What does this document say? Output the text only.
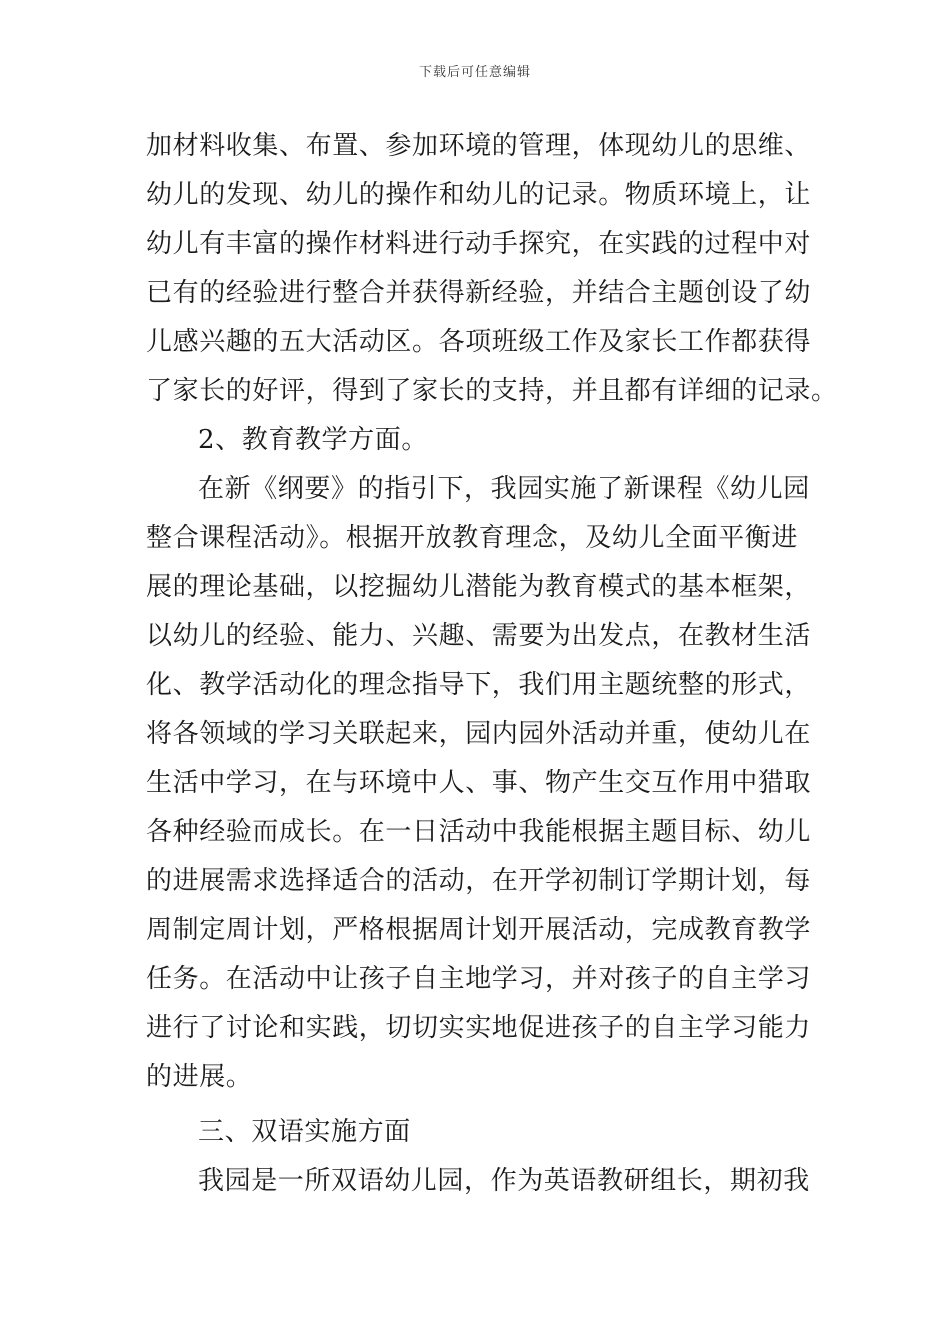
下载后可任意编辑
加材料收集、布置、参加环境的管理，体现幼儿的思维、
幼儿的发现、幼儿的操作和幼儿的记录。物质环境上，让
幼儿有丰富的操作材料进行动手探究，在实践的过程中对
已有的经验进行整合并获得新经验，并结合主题创设了幼
儿感兴趣的五大活动区。各项班级工作及家长工作都获得
了家长的好评，得到了家长的支持，并且都有详细的记录。
2、教育教学方面。
在新《纲要》的指引下，我园实施了新课程《幼儿园
整合课程活动》。根据开放教育理念，及幼儿全面平衡进
展的理论基础，以挖掘幼儿潜能为教育模式的基本框架，
以幼儿的经验、能力、兴趣、需要为出发点，在教材生活
化、教学活动化的理念指导下，我们用主题统整的形式，
将各领域的学习关联起来，园内园外活动并重，使幼儿在
生活中学习，在与环境中人、事、物产生交互作用中猎取
各种经验而成长。在一日活动中我能根据主题目标、幼儿
的进展需求选择适合的活动，在开学初制订学期计划，每
周制定周计划，严格根据周计划开展活动，完成教育教学
任务。在活动中让孩子自主地学习，并对孩子的自主学习
进行了讨论和实践，切切实实地促进孩子的自主学习能力
的进展。
三、双语实施方面
我园是一所双语幼儿园，作为英语教研组长，期初我
